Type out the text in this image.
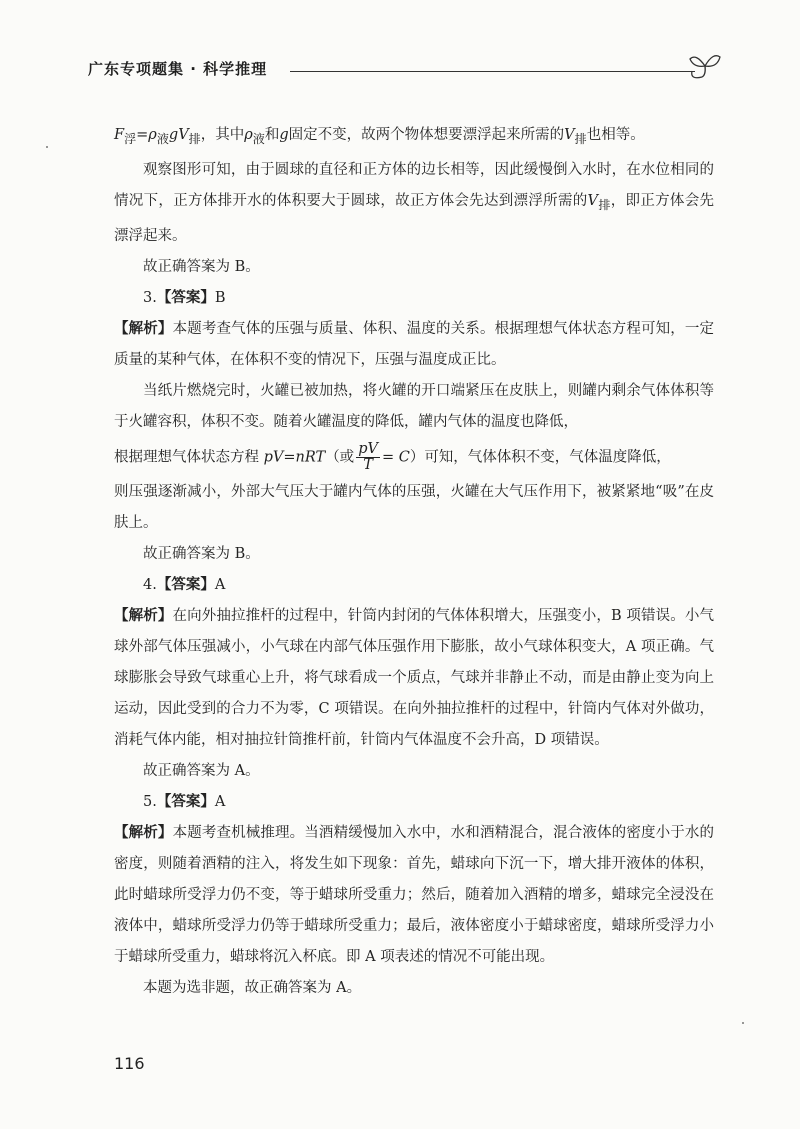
广东专项题集 · 科学推理

$F_浮=\rho_液gV_排$，其中$\rho_液$和g固定不变，故两个物体想要漂浮起来所需的$V_排$也相等。

观察图形可知，由于圆球的直径和正方体的边长相等，因此缓慢倒入水时，在水位相同的情况下，正方体排开水的体积要大于圆球，故正方体会先达到漂浮所需的$V_排$，即正方体会先漂浮起来。

故正确答案为 B。

3.【答案】B

【解析】本题考查气体的压强与质量、体积、温度的关系。根据理想气体状态方程可知，一定质量的某种气体，在体积不变的情况下，压强与温度成正比。

当纸片燃烧完时，火罐已被加热，将火罐的开口端紧压在皮肤上，则罐内剩余气体体积等于火罐容积，体积不变。随着火罐温度的降低，罐内气体的温度也降低，

根据理想气体状态方程 pV=nRT（或 $\frac{pV}{T} = C$）可知，气体体积不变，气体温度降低，

则压强逐渐减小，外部大气压大于罐内气体的压强，火罐在大气压作用下，被紧紧地“吸”在皮肤上。

故正确答案为 B。

4.【答案】A

【解析】在向外抽拉推杆的过程中，针筒内封闭的气体体积增大，压强变小，B 项错误。小气球外部气体压强减小，小气球在内部气体压强作用下膨胀，故小气球体积变大，A 项正确。气球膨胀会导致气球重心上升，将气球看成一个质点，气球并非静止不动，而是由静止变为向上运动，因此受到的合力不为零，C 项错误。在向外抽拉推杆的过程中，针筒内气体对外做功，消耗气体内能，相对抽拉针筒推杆前，针筒内气体温度不会升高，D 项错误。

故正确答案为 A。

5.【答案】A

【解析】本题考查机械推理。当酒精缓慢加入水中，水和酒精混合，混合液体的密度小于水的密度，则随着酒精的注入，将发生如下现象：首先，蜡球向下沉一下，增大排开液体的体积，此时蜡球所受浮力仍不变，等于蜡球所受重力；然后，随着加入酒精的增多，蜡球完全浸没在液体中，蜡球所受浮力仍等于蜡球所受重力；最后，液体密度小于蜡球密度，蜡球所受浮力小于蜡球所受重力，蜡球将沉入杯底。即 A 项表述的情况不可能出现。

本题为选非题，故正确答案为 A。

116
